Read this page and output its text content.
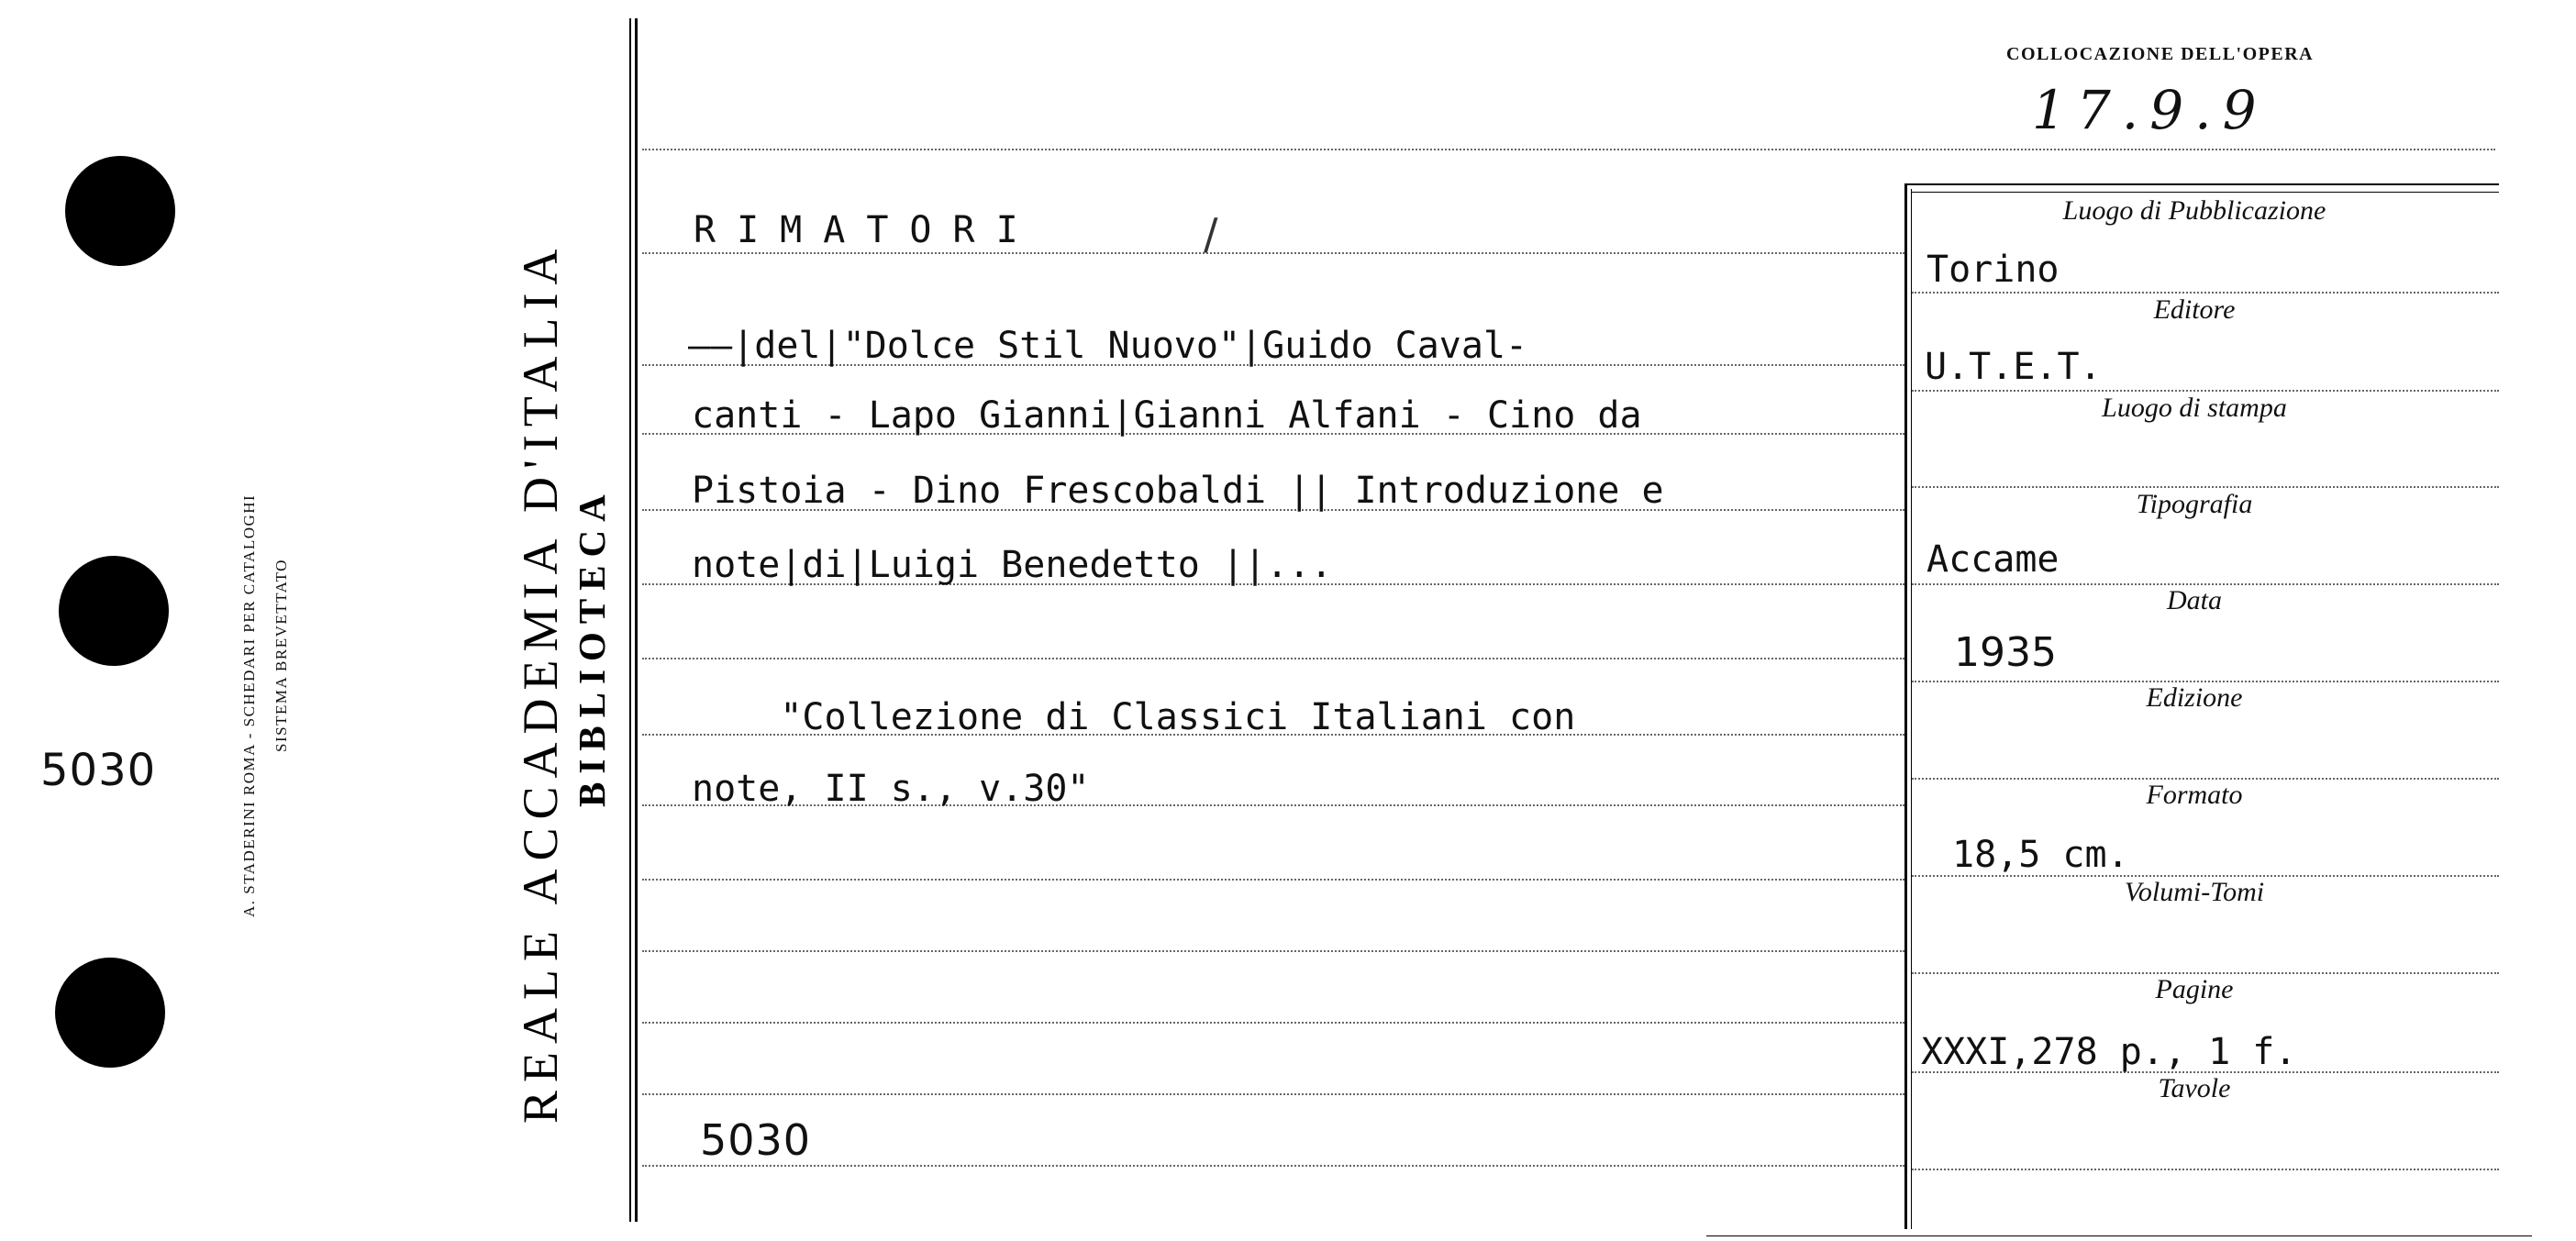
5030	A. STADERINI ROMA - SCHEDARI PER CATALOGHI SISTEMA BREVETTATO	REALE ACCADEMIA D'ITALIA BIBLIOTECA
COLLOCAZIONE DELL'OPERA
17.9.9
RIMATORI	/
——|del|"Dolce Stil Nuovo"|Guido Caval-
canti - Lapo Gianni|Gianni Alfani - Cino da
Pistoia - Dino Frescobaldi || Introduzione e
note|di|Luigi Benedetto ||...
"Collezione di Classici Italiani con
note, II s., v.30"
5030
Luogo di Pubblicazione
Torino
Editore
U.T.E.T.
Luogo di stampa
Tipografia
Accame
Data
1935
Edizione
Formato
18,5 cm.
Volumi-Tomi
Pagine
XXXI,278 p., 1 f.
Tavole
